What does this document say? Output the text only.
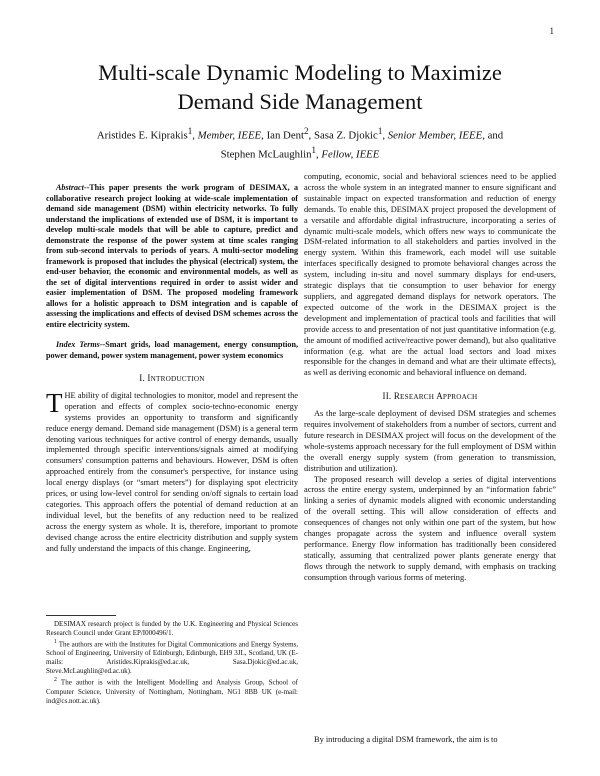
1
Multi-scale Dynamic Modeling to Maximize
Demand Side Management
Aristides E. Kiprakis$^1$, Member, IEEE, Ian Dent$^2$, Sasa Z. Djokic$^1$, Senior Member, IEEE, and
Stephen McLaughlin$^1$, Fellow, IEEE

Abstract--This paper presents the work program of DESIMAX, a collaborative research project looking at wide-scale implementation of demand side management (DSM) within electricity networks. To fully understand the implications of extended use of DSM, it is important to develop multi-scale models that will be able to capture, predict and demonstrate the response of the power system at time scales ranging from sub-second intervals to periods of years. A multi-sector modeling framework is proposed that includes the physical (electrical) system, the end-user behavior, the economic and environmental models, as well as the set of digital interventions required in order to assist wider and easier implementation of DSM. The proposed modeling framework allows for a holistic approach to DSM integration and is capable of assessing the implications and effects of devised DSM schemes across the entire electricity system.

Index Terms--Smart grids, load management, energy consumption, power demand, power system management, power system economics

I. INTRODUCTION

THE ability of digital technologies to monitor, model and represent the operation and effects of complex socio-techno-economic energy systems provides an opportunity to transform and significantly reduce energy demand. Demand side management (DSM) is a general term denoting various techniques for active control of energy demands, usually implemented through specific interventions/signals aimed at modifying consumers' consumption patterns and behaviours. However, DSM is often approached entirely from the consumer's perspective, for instance using local energy displays (or “smart meters”) for displaying spot electricity prices, or using low-level control for sending on/off signals to certain load categories. This approach offers the potential of demand reduction at an individual level, but the benefits of any reduction need to be realized across the energy system as whole. It is, therefore, important to promote devised change across the entire electricity distribution and supply system and fully understand the impacts of this change. Engineering,

computing, economic, social and behavioral sciences need to be applied across the whole system in an integrated manner to ensure significant and sustainable impact on expected transformation and reduction of energy demands. To enable this, DESIMAX project proposed the development of a versatile and affordable digital infrastructure, incorporating a series of dynamic multi-scale models, which offers new ways to communicate the DSM-related information to all stakeholders and parties involved in the energy system. Within this framework, each model will use suitable interfaces specifically designed to promote behavioral changes across the system, including in-situ and novel summary displays for end-users, strategic displays that tie consumption to user behavior for energy suppliers, and aggregated demand displays for network operators. The expected outcome of the work in the DESIMAX project is the development and implementation of practical tools and facilities that will provide access to and presentation of not just quantitative information (e.g. the amount of modified active/reactive power demand), but also qualitative information (e.g. what are the actual load sectors and load mixes responsible for the changes in demand and what are their ultimate effects), as well as deriving economic and behavioral influence on demand.

II. RESEARCH APPROACH

As the large-scale deployment of devised DSM strategies and schemes requires involvement of stakeholders from a number of sectors, current and future research in DESIMAX project will focus on the development of the whole-systems approach necessary for the full employment of DSM within the overall energy supply system (from generation to transmission, distribution and utilization).

The proposed research will develop a series of digital interventions across the entire energy system, underpinned by an “information fabric” linking a series of dynamic models aligned with economic understanding of the overall setting. This will allow consideration of effects and consequences of changes not only within one part of the system, but how changes propagate across the system and influence overall system performance. Energy flow information has traditionally been considered statically, assuming that centralized power plants generate energy that flows through the network to supply demand, with emphasis on tracking consumption through various forms of metering.

By introducing a digital DSM framework, the aim is to

DESIMAX research project is funded by the U.K. Engineering and Physical Sciences Research Council under Grant EP/I000496/1.

$^1$ The authors are with the Institutes for Digital Communications and Energy Systems, School of Engineering, University of Edinburgh, Edinburgh, EH9 3JL, Scotland, UK (E-mails: Aristides.Kiprakis@ed.ac.uk, Sasa.Djokic@ed.ac.uk, Steve.McLaughlin@ed.ac.uk).

$^2$ The author is with the Intelligent Modelling and Analysis Group, School of Computer Science, University of Nottingham, Nottingham, NG1 8BB UK (e-mail: ind@cs.nott.ac.uk).
